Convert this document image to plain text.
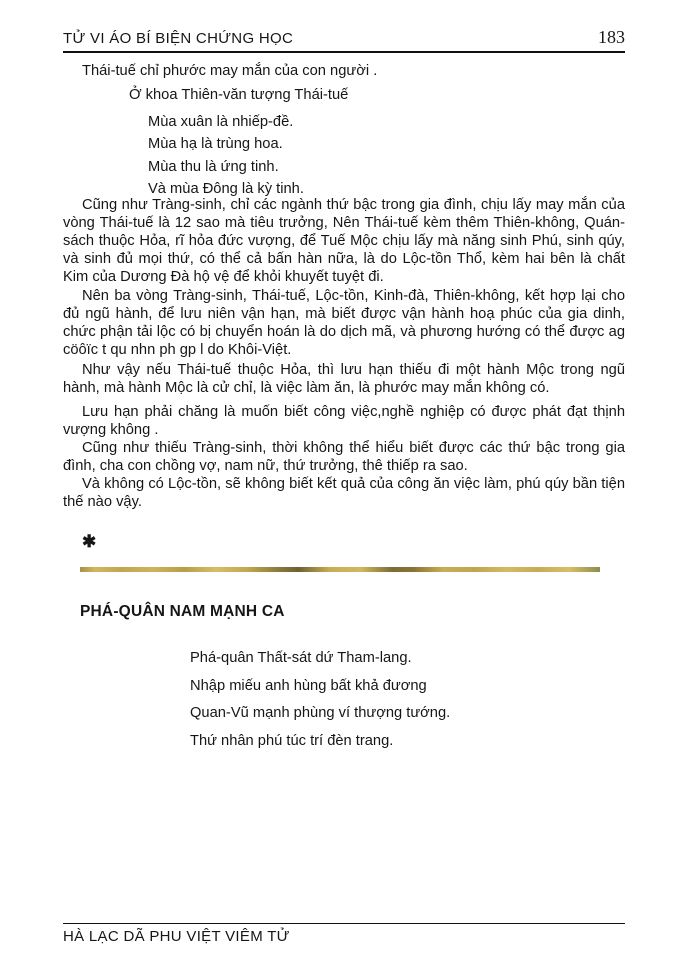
TỬ VI ÁO BÍ BIỆN CHỨNG HỌC	183

Thái-tuế chỉ phước may mắn của con người .

Ở khoa Thiên-văn tượng Thái-tuế

Mùa xuân là nhiếp-đề.
Mùa hạ là trùng hoa.
Mùa thu là ứng tinh.
Và mùa Đông là kỳ tinh.

Cũng như Tràng-sinh, chỉ các ngành thứ bậc trong gia đình, chịu lấy may mắn của vòng Thái-tuế là 12 sao mà tiêu trưởng, Nên Thái-tuế kèm thêm Thiên-không, Quán-sách thuộc Hỏa, rĩ hỏa đức vượng, để Tuế Mộc chịu lấy mà năng sinh Phú, sinh qúy, và sinh đủ mọi thứ, có thể cả bấn hàn nữa, là do Lộc-tồn Thổ, kèm hai bên là chất Kim của Dương Đà hộ vệ để khỏi khuyết tuyệt đi.

Nên ba vòng Tràng-sinh, Thái-tuế, Lộc-tồn, Kinh-đà, Thiên-không, kết hợp lại cho đủ ngũ hành, để lưu niên vận hạn, mà biết được vận hành hoạ phúc của gia dinh, chức phận tải lộc có bị chuyển hoán là do dịch mã, và phương hướng có thể được ag cöôïc t qu nhn ph gp l do Khôi-Việt.

Như vậy nếu Thái-tuế thuộc Hỏa, thì lưu hạn thiếu đi một hành Mộc trong ngũ hành, mà hành Mộc là cử chỉ, là việc làm ăn, là phước may mắn không có.

Lưu hạn phải chăng là muốn biết công việc,nghề nghiệp có được phát đạt thịnh vượng không .

Cũng như thiếu Tràng-sinh, thời không thể hiểu biết được các thứ bậc trong gia đình, cha con chồng vợ, nam nữ, thứ trưởng, thê thiếp ra sao.

Và không có Lộc-tồn, sẽ không biết kết quả của công ăn việc làm, phú qúy bần tiện thế nào vậy.

✱
PHÁ-QUÂN NAM MẠNH CA
Phá-quân Thất-sát dứ Tham-lang.
Nhập miếu anh hùng bất khả đương
Quan-Vũ mạnh phùng ví thượng tướng.
Thứ nhân phú túc trí đèn trang.
HÀ LẠC DÃ PHU VIỆT VIÊM TỬ
